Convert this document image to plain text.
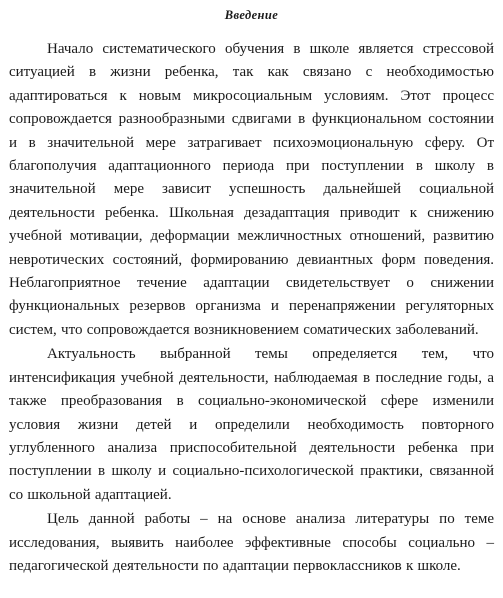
Введение

Начало систематического обучения в школе является стрессовой ситуацией в жизни ребенка, так как связано с необходимостью адаптироваться к новым микросоциальным условиям. Этот процесс сопровождается разнообразными сдвигами в функциональном состоянии и в значительной мере затрагивает психоэмоциональную сферу. От благополучия адаптационного периода при поступлении в школу в значительной мере зависит успешность дальнейшей социальной деятельности ребенка. Школьная дезадаптация приводит к снижению учебной мотивации, деформации межличностных отношений, развитию невротических состояний, формированию девиантных форм поведения. Неблагоприятное течение адаптации свидетельствует о снижении функциональных резервов организма и перенапряжении регуляторных систем, что сопровождается возникновением соматических заболеваний.

Актуальность выбранной темы определяется тем, что интенсификация учебной деятельности, наблюдаемая в последние годы, а также преобразования в социально-экономической сфере изменили условия жизни детей и определили необходимость повторного углубленного анализа приспособительной деятельности ребенка при поступлении в школу и социально-психологической практики, связанной со школьной адаптацией.

Цель данной работы – на основе анализа литературы по теме исследования, выявить наиболее эффективные способы социально – педагогической деятельности по адаптации первоклассников к школе.
